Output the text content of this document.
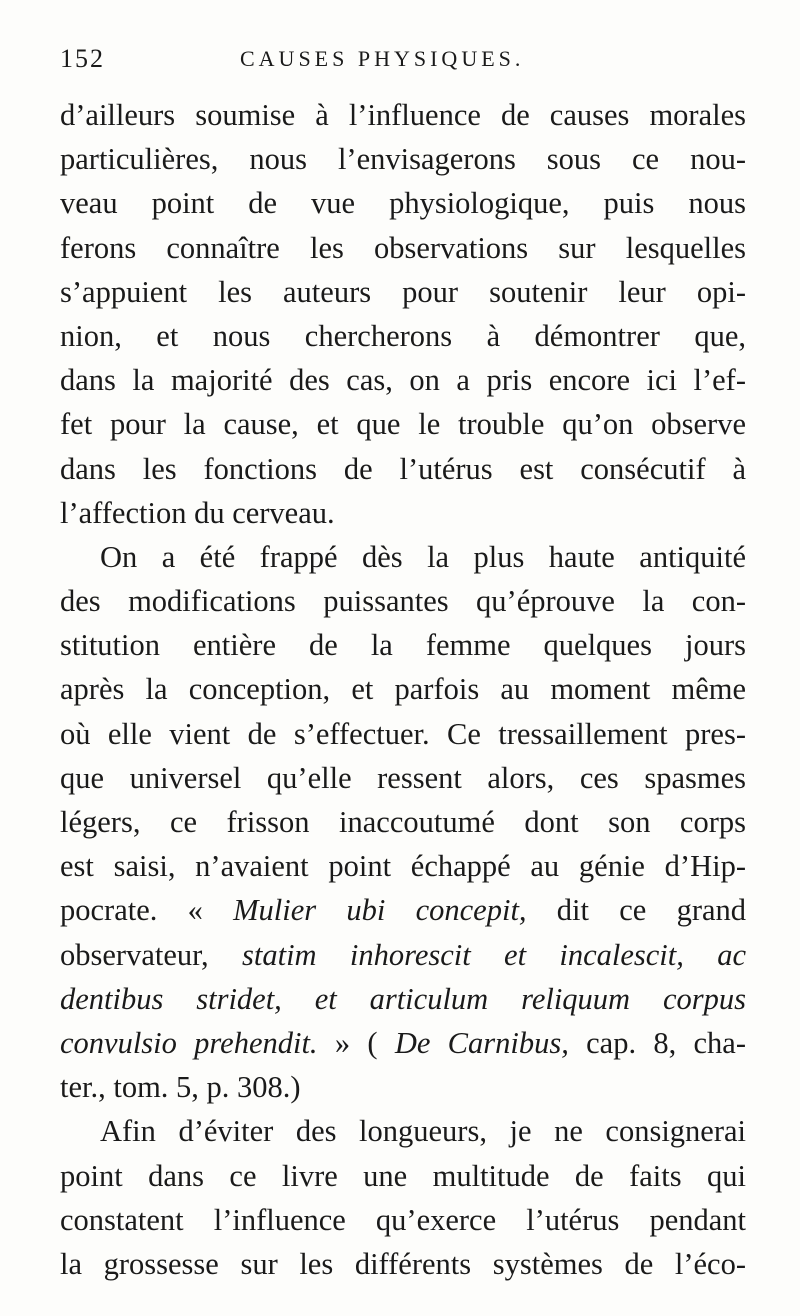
152	CAUSES PHYSIQUES.
d’ailleurs soumise à l’influence de causes morales
particulières, nous l’envisagerons sous ce nou-
veau point de vue physiologique, puis nous
ferons connaître les observations sur lesquelles
s’appuient les auteurs pour soutenir leur opi-
nion, et nous chercherons à démontrer que,
dans la majorité des cas, on a pris encore ici l’ef-
fet pour la cause, et que le trouble qu’on observe
dans les fonctions de l’utérus est consécutif à
l’affection du cerveau.
On a été frappé dès la plus haute antiquité
des modifications puissantes qu’éprouve la con-
stitution entière de la femme quelques jours
après la conception, et parfois au moment même
où elle vient de s’effectuer. Ce tressaillement pres-
que universel qu’elle ressent alors, ces spasmes
légers, ce frisson inaccoutumé dont son corps
est saisi, n’avaient point échappé au génie d’Hip-
pocrate. « Mulier ubi concepit, dit ce grand
observateur, statim inhorescit et incalescit, ac
dentibus stridet, et articulum reliquum corpus
convulsio prehendit. » ( De Carnibus, cap. 8, cha-
ter., tom. 5, p. 308.)
Afin d’éviter des longueurs, je ne consignerai
point dans ce livre une multitude de faits qui
constatent l’influence qu’exerce l’utérus pendant
la grossesse sur les différents systèmes de l’éco-
